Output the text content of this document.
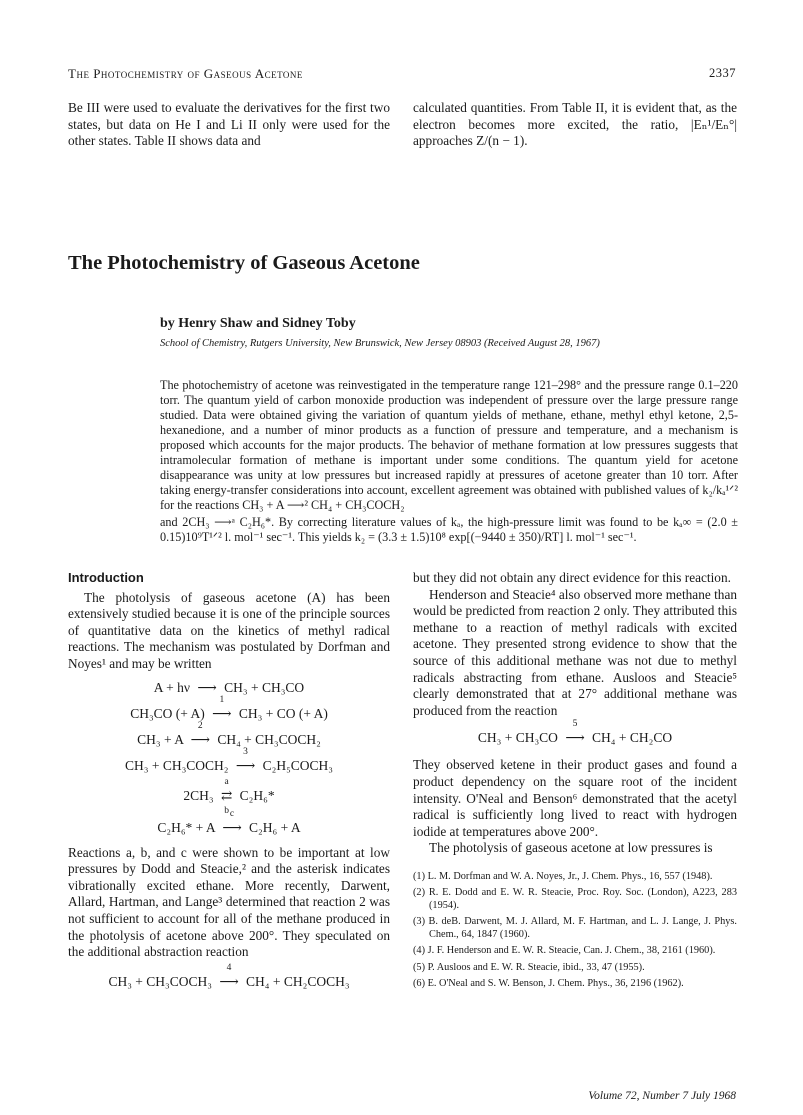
The Photochemistry of Gaseous Acetone	2337

Be III were used to evaluate the derivatives for the first two states, but data on He I and Li II only were used for the other states. Table II shows data and

calculated quantities. From Table II, it is evident that, as the electron becomes more excited, the ratio, |Eₙ¹/Eₙ°| approaches Z/(n − 1).

The Photochemistry of Gaseous Acetone
by Henry Shaw and Sidney Toby
School of Chemistry, Rutgers University, New Brunswick, New Jersey 08903 (Received August 28, 1967)

The photochemistry of acetone was reinvestigated in the temperature range 121–298° and the pressure range 0.1–220 torr. The quantum yield of carbon monoxide production was independent of pressure over the large pressure range studied. Data were obtained giving the variation of quantum yields of methane, ethane, methyl ethyl ketone, 2,5-hexanedione, and a number of minor products as a function of pressure and temperature, and a mechanism is proposed which accounts for the major products. The behavior of methane formation at low pressures suggests that intramolecular formation of methane is important under some conditions. The quantum yield for acetone disappearance was unity at low pressures but increased rapidly at pressures of acetone greater than 10 torr. After taking energy-transfer considerations into account, excellent agreement was obtained with published values of k₂/kₐ¹ᐟ² for the reactions CH₃ + A ⟶² CH₄ + CH₃COCH₂

and 2CH₃ ⟶ᵃ C₂H₆*. By correcting literature values of kₐ, the high-pressure limit was found to be kₐ∞ = (2.0 ± 0.15)10⁹T¹ᐟ² l. mol⁻¹ sec⁻¹. This yields k₂ = (3.3 ± 1.5)10⁸ exp[(−9440 ± 350)/RT] l. mol⁻¹ sec⁻¹.

Introduction

The photolysis of gaseous acetone (A) has been extensively studied because it is one of the principle sources of quantitative data on the kinetics of methyl radical reactions. The mechanism was postulated by Dorfman and Noyes¹ and may be written

A + hν ⟶ CH₃ + CH₃CO
CH₃CO (+ A) ⟶
1
CH₃ + CO (+ A)
CH₃ + A ⟶
2
CH₄ + CH₃COCH₂
CH₃ + CH₃COCH₂ ⟶
3
C₂H₅COCH₃
2CH₃ ⇄
a
b
C₂H₆*
C₂H₆* + A ⟶
c
C₂H₆ + A

Reactions a, b, and c were shown to be important at low pressures by Dodd and Steacie,² and the asterisk indicates vibrationally excited ethane. More recently, Darwent, Allard, Hartman, and Lange³ determined that reaction 2 was not sufficient to account for all of the methane produced in the photolysis of acetone above 200°. They speculated on the additional abstraction reaction

CH₃ + CH₃COCH₃ ⟶
4
CH₄ + CH₂COCH₃

but they did not obtain any direct evidence for this reaction.

Henderson and Steacie⁴ also observed more methane than would be predicted from reaction 2 only. They attributed this methane to a reaction of methyl radicals with excited acetone. They presented strong evidence to show that the source of this additional methane was not due to methyl radicals abstracting from ethane. Ausloos and Steacie⁵ clearly demonstrated that at 27° additional methane was produced from the reaction

CH₃ + CH₃CO ⟶
5
CH₄ + CH₂CO

They observed ketene in their product gases and found a product dependency on the square root of the incident intensity. O'Neal and Benson⁶ demonstrated that the acetyl radical is sufficiently long lived to react with hydrogen iodide at temperatures above 200°.

The photolysis of gaseous acetone at low pressures is

(1) L. M. Dorfman and W. A. Noyes, Jr., J. Chem. Phys., 16, 557 (1948).

(2) R. E. Dodd and E. W. R. Steacie, Proc. Roy. Soc. (London), A223, 283 (1954).

(3) B. deB. Darwent, M. J. Allard, M. F. Hartman, and L. J. Lange, J. Phys. Chem., 64, 1847 (1960).

(4) J. F. Henderson and E. W. R. Steacie, Can. J. Chem., 38, 2161 (1960).

(5) P. Ausloos and E. W. R. Steacie, ibid., 33, 47 (1955).

(6) E. O'Neal and S. W. Benson, J. Chem. Phys., 36, 2196 (1962).

Volume 72, Number 7 July 1968
